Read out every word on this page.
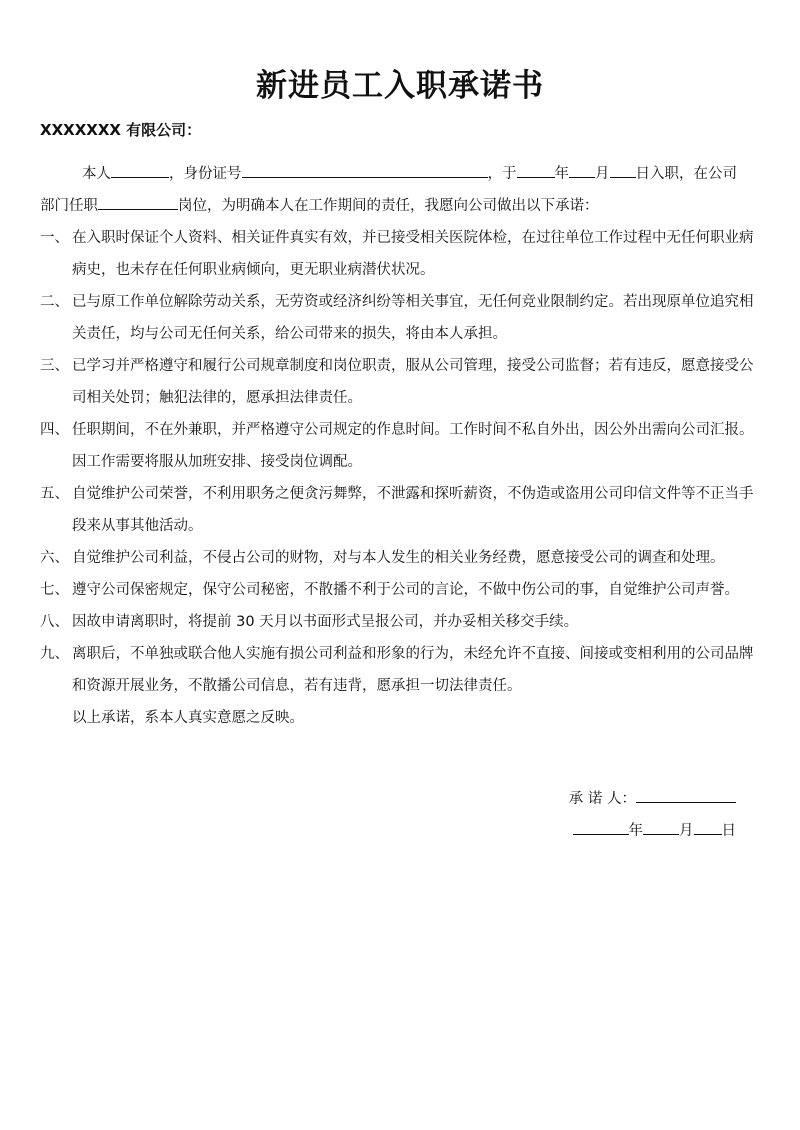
新进员工入职承诺书
XXXXXXX 有限公司：

本人	，身份证号	，于	年 月 日入职，在公司

部门任职	岗位，为明确本人在工作期间的责任，我愿向公司做出以下承诺：

一、 在入职时保证个人资料、相关证件真实有效，并已接受相关医院体检，在过往单位工作过程中无任何职业病病史，也未存在任何职业病倾向，更无职业病潜伏状况。

二、 已与原工作单位解除劳动关系，无劳资或经济纠纷等相关事宜，无任何竞业限制约定。若出现原单位追究相关责任，均与公司无任何关系，给公司带来的损失，将由本人承担。

三、 已学习并严格遵守和履行公司规章制度和岗位职责，服从公司管理，接受公司监督；若有违反，愿意接受公司相关处罚；触犯法律的，愿承担法律责任。

四、 任职期间，不在外兼职，并严格遵守公司规定的作息时间。工作时间不私自外出，因公外出需向公司汇报。因工作需要将服从加班安排、接受岗位调配。

五、 自觉维护公司荣誉，不利用职务之便贪污舞弊，不泄露和探听薪资，不伪造或盗用公司印信文件等不正当手段来从事其他活动。

六、 自觉维护公司利益，不侵占公司的财物，对与本人发生的相关业务经费，愿意接受公司的调查和处理。

七、 遵守公司保密规定，保守公司秘密，不散播不利于公司的言论，不做中伤公司的事，自觉维护公司声誉。

八、 因故申请离职时，将提前 30 天月以书面形式呈报公司，并办妥相关移交手续。

九、 离职后，不单独或联合他人实施有损公司利益和形象的行为，未经允许不直接、间接或变相利用的公司品牌和资源开展业务，不散播公司信息，若有违背，愿承担一切法律责任。

以上承诺，系本人真实意愿之反映。

承 诺 人：
年 月 日
